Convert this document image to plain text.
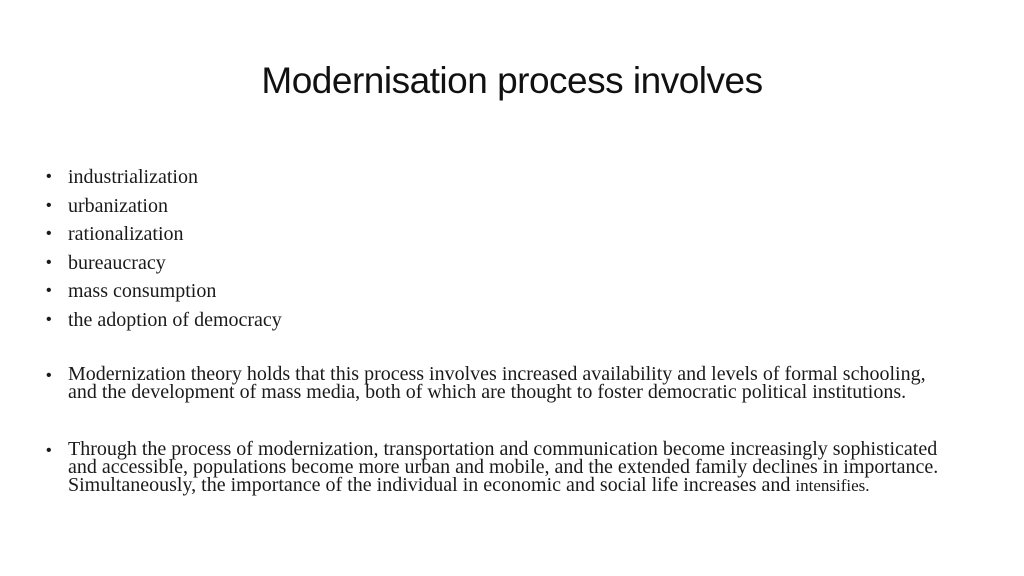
Modernisation process involves
• industrialization
• urbanization
• rationalization
• bureaucracy
• mass consumption
• the adoption of democracy
• Modernization theory holds that this process involves increased availability and levels of formal schooling, and the development of mass media, both of which are thought to foster democratic political institutions.
• Through the process of modernization, transportation and communication become increasingly sophisticated and accessible, populations become more urban and mobile, and the extended family declines in importance. Simultaneously, the importance of the individual in economic and social life increases and intensifies.
